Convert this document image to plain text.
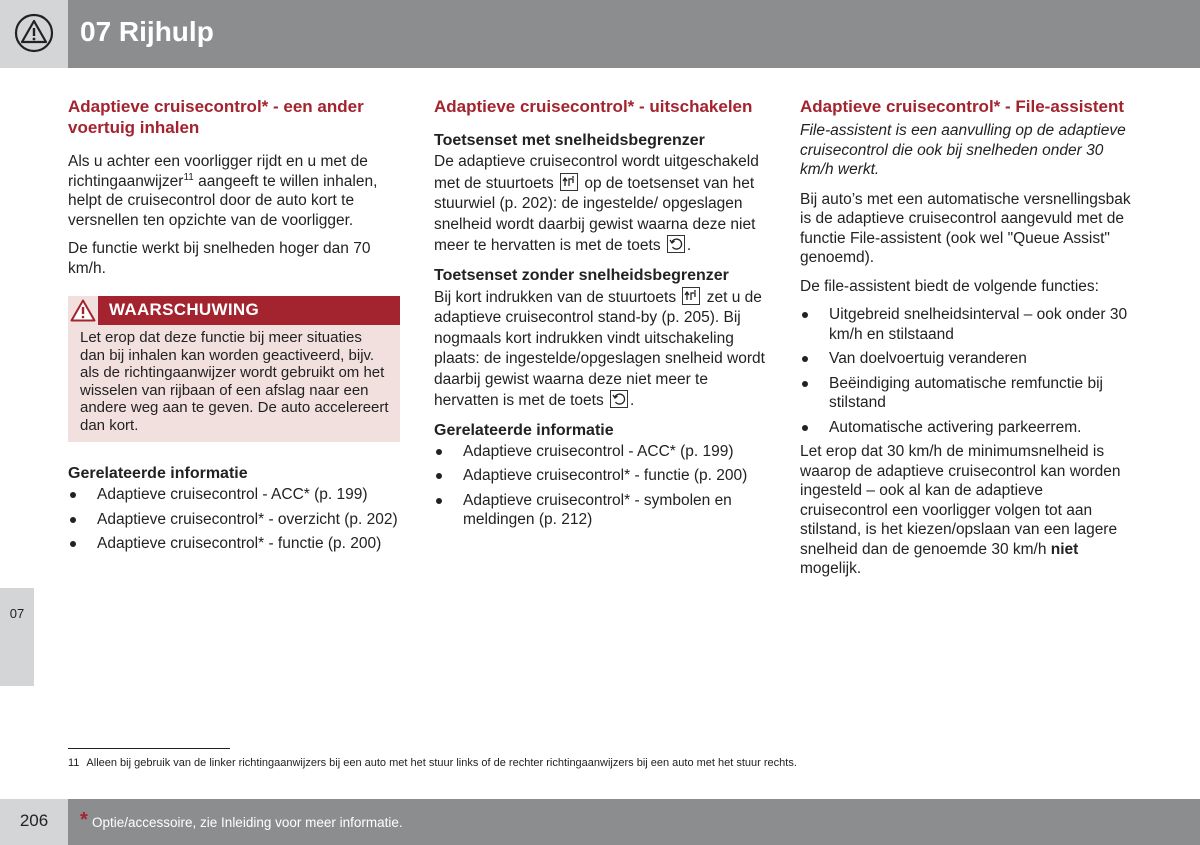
07 Rijhulp
07
Adaptieve cruisecontrol* - een ander voertuig inhalen

Als u achter een voorligger rijdt en u met de richtingaanwijzer$^{11}$ aangeeft te willen inhalen, helpt de cruisecontrol door de auto kort te versnellen ten opzichte van de voorligger.

De functie werkt bij snelheden hoger dan 70 km/h.

WAARSCHUWING
Let erop dat deze functie bij meer situaties dan bij inhalen kan worden geactiveerd, bijv. als de richtingaanwijzer wordt gebruikt om het wisselen van rijbaan of een afslag naar een andere weg aan te geven. De auto accelereert dan kort.
Gerelateerde informatie
Adaptieve cruisecontrol - ACC* (p. 199)
Adaptieve cruisecontrol* - overzicht (p. 202)
Adaptieve cruisecontrol* - functie (p. 200)
Adaptieve cruisecontrol* - uitschakelen
Toetsenset met snelheidsbegrenzer

De adaptieve cruisecontrol wordt uitgeschakeld met de stuurtoets
op de toetsenset van het stuurwiel (p. 202): de ingestelde/ opgeslagen snelheid wordt daarbij gewist waarna deze niet meer te hervatten is met de toets .

Toetsenset zonder snelheidsbegrenzer

Bij kort indrukken van de stuurtoets
zet u de adaptieve cruisecontrol stand-by (p. 205). Bij nogmaals kort indrukken vindt uitschakeling plaats: de ingestelde/opgeslagen snelheid wordt daarbij gewist waarna deze niet meer te hervatten is met de toets .

Gerelateerde informatie
Adaptieve cruisecontrol - ACC* (p. 199)
Adaptieve cruisecontrol* - functie (p. 200)
Adaptieve cruisecontrol* - symbolen en meldingen (p. 212)
Adaptieve cruisecontrol* - File-assistent

File-assistent is een aanvulling op de adaptieve cruisecontrol die ook bij snelheden onder 30 km/h werkt.

Bij auto’s met een automatische versnellingsbak is de adaptieve cruisecontrol aangevuld met de functie File-assistent (ook wel "Queue Assist" genoemd).

De file-assistent biedt de volgende functies:

Uitgebreid snelheidsinterval – ook onder 30 km/h en stilstaand
Van doelvoertuig veranderen
Beëindiging automatische remfunctie bij stilstand
Automatische activering parkeerrem.

Let erop dat 30 km/h de minimumsnelheid is waarop de adaptieve cruisecontrol kan worden ingesteld – ook al kan de adaptieve cruisecontrol een voorligger volgen tot aan stilstand, is het kiezen/opslaan van een lagere snelheid dan de genoemde 30 km/h niet mogelijk.

11 Alleen bij gebruik van de linker richtingaanwijzers bij een auto met het stuur links of de rechter richtingaanwijzers bij een auto met het stuur rechts.
206	* Optie/accessoire, zie Inleiding voor meer informatie.
